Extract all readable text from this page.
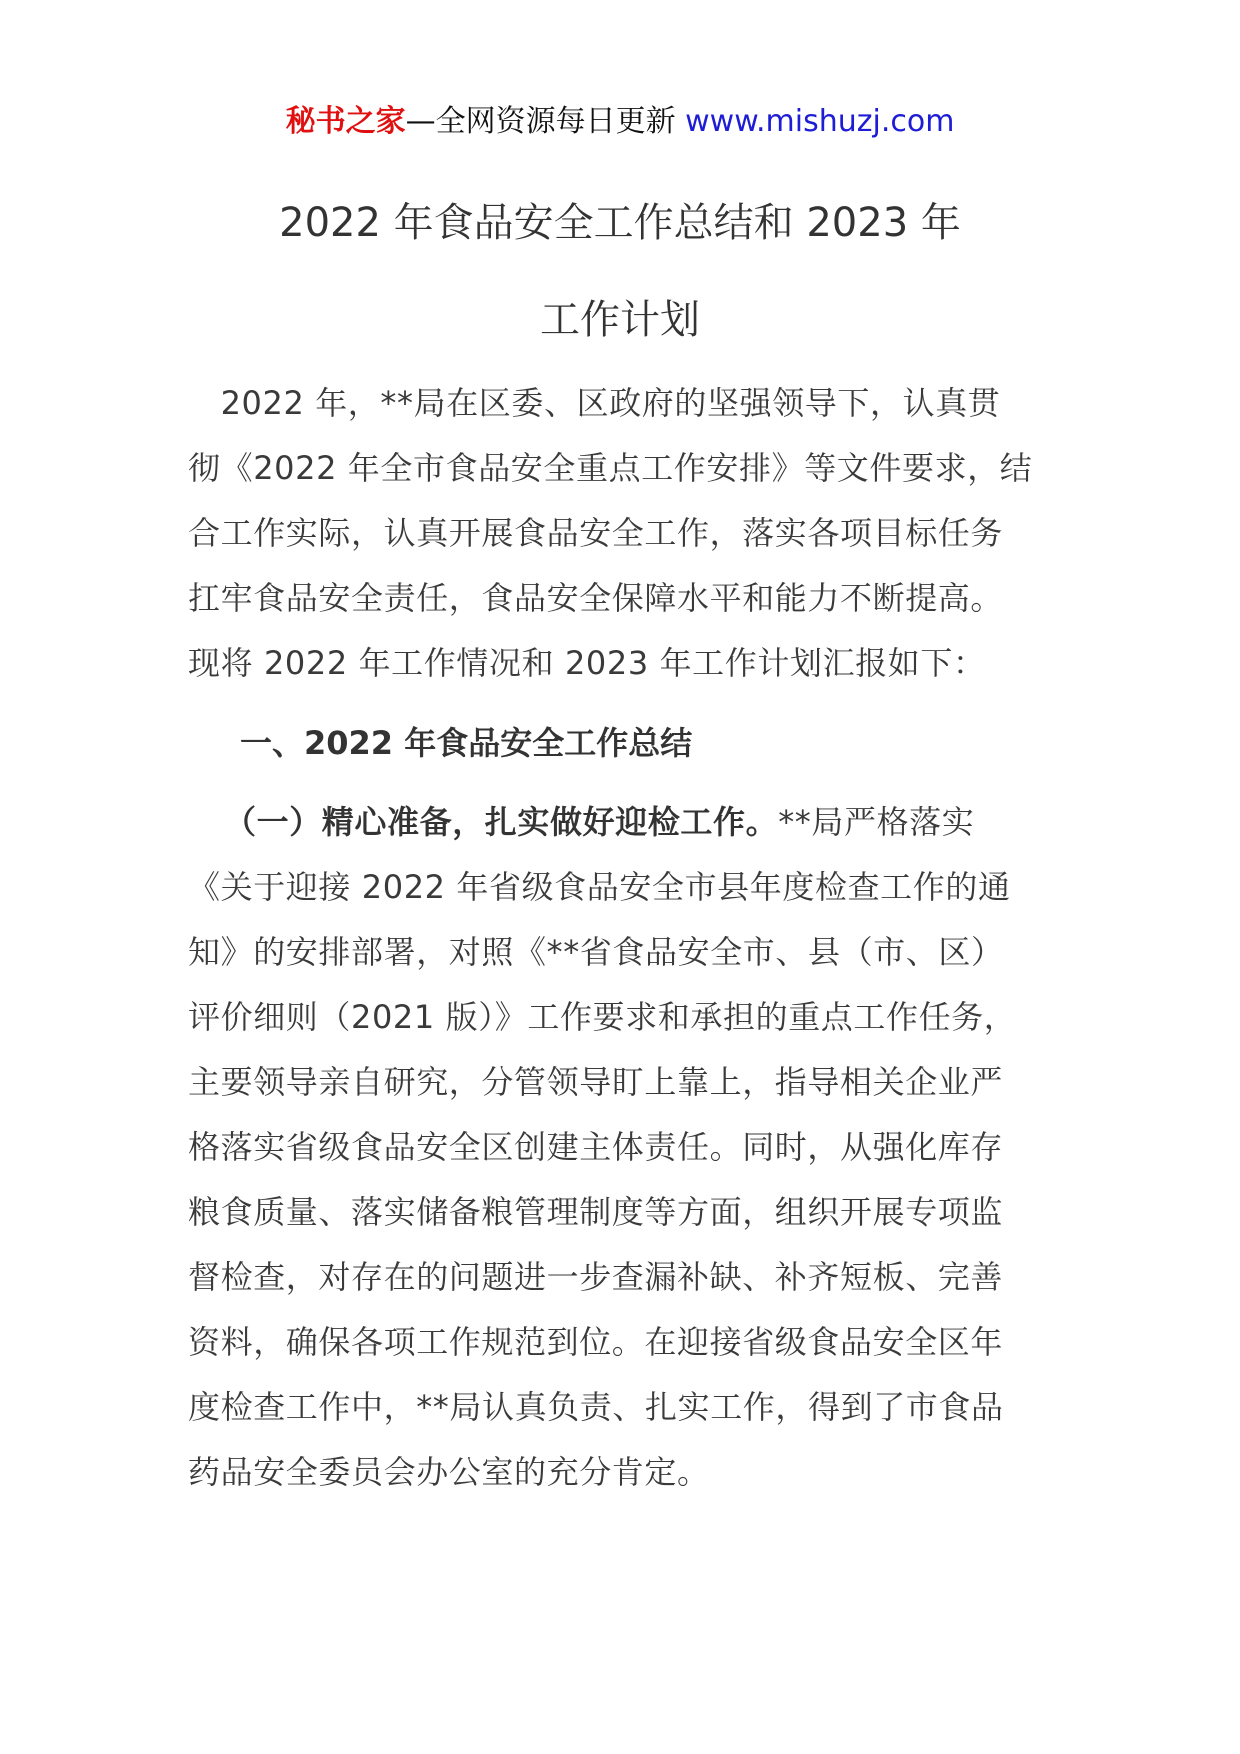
秘书之家—全网资源每日更新 www.mishuzj.com
2022 年食品安全工作总结和 2023 年
工作计划
　2022 年，**局在区委、区政府的坚强领导下，认真贯
彻《2022 年全市食品安全重点工作安排》等文件要求，结
合工作实际，认真开展食品安全工作，落实各项目标任务
扛牢食品安全责任，食品安全保障水平和能力不断提高。
现将 2022 年工作情况和 2023 年工作计划汇报如下：
一、2022 年食品安全工作总结
（一）精心准备，扎实做好迎检工作。**局严格落实
《关于迎接 2022 年省级食品安全市县年度检查工作的通
知》的安排部署，对照《**省食品安全市、县（市、区）
评价细则（2021 版）》工作要求和承担的重点工作任务，
主要领导亲自研究，分管领导盯上靠上，指导相关企业严
格落实省级食品安全区创建主体责任。同时，从强化库存
粮食质量、落实储备粮管理制度等方面，组织开展专项监
督检查，对存在的问题进一步查漏补缺、补齐短板、完善
资料，确保各项工作规范到位。在迎接省级食品安全区年
度检查工作中，**局认真负责、扎实工作，得到了市食品
药品安全委员会办公室的充分肯定。
